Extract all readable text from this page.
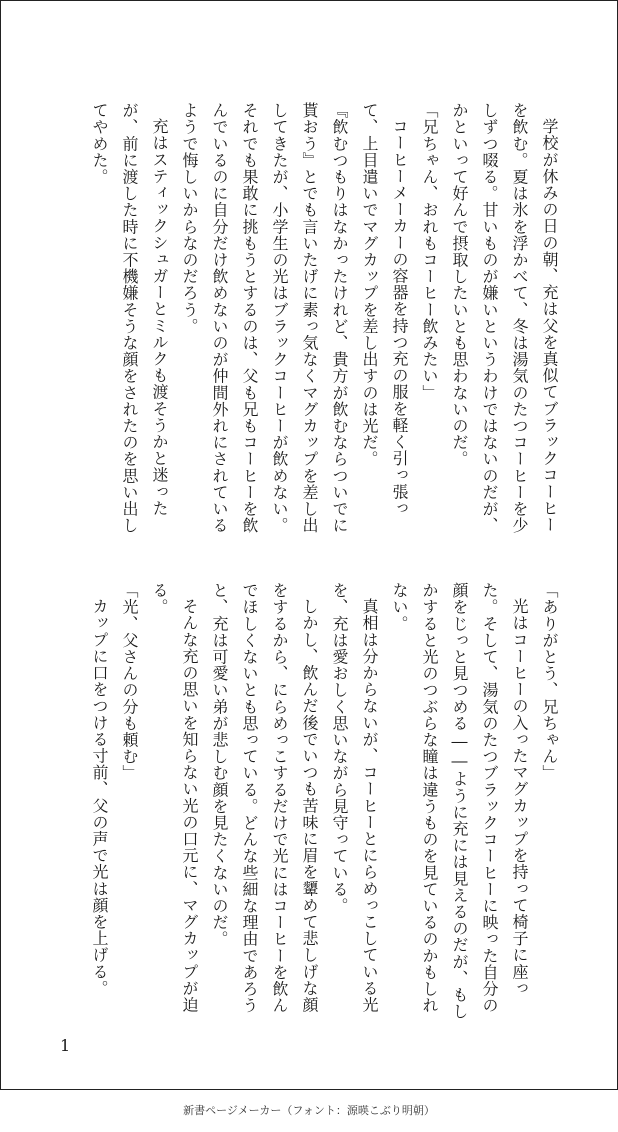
学校が休みの日の朝、充は父を真似てブラックコーヒーを飲む。夏は氷を浮かべて、冬は湯気のたつコーヒーを少しずつ啜る。甘いものが嫌いというわけではないのだが、かといって好んで摂取したいとも思わないのだ。

「兄ちゃん、おれもコーヒー飲みたい」

コーヒーメーカーの容器を持つ充の服を軽く引っ張って、上目遣いでマグカップを差し出すのは光だ。

『飲むつもりはなかったけれど、貴方が飲むならついでに貰おう』とでも言いたげに素っ気なくマグカップを差し出してきたが、小学生の光はブラックコーヒーが飲めない。それでも果敢に挑もうとするのは、父も兄もコーヒーを飲んでいるのに自分だけ飲めないのが仲間外れにされているようで悔しいからなのだろう。

充はスティックシュガーとミルクも渡そうかと迷ったが、前に渡した時に不機嫌そうな顔をされたのを思い出してやめた。

「ありがとう、兄ちゃん」

光はコーヒーの入ったマグカップを持って椅子に座った。そして、湯気のたつブラックコーヒーに映った自分の顔をじっと見つめる――ように充には見えるのだが、もしかすると光のつぶらな瞳は違うものを見ているのかもしれない。

真相は分からないが、コーヒーとにらめっこしている光を、充は愛おしく思いながら見守っている。

しかし、飲んだ後でいつも苦味に眉を顰めて悲しげな顔をするから、にらめっこするだけで光にはコーヒーを飲んでほしくないとも思っている。どんな些細な理由であろうと、充は可愛い弟が悲しむ顔を見たくないのだ。

そんな充の思いを知らない光の口元に、マグカップが迫る。

「光、父さんの分も頼む」

カップに口をつける寸前、父の声で光は顔を上げる。

1
新書ページメーカー（フォント：源暎こぶり明朝）
